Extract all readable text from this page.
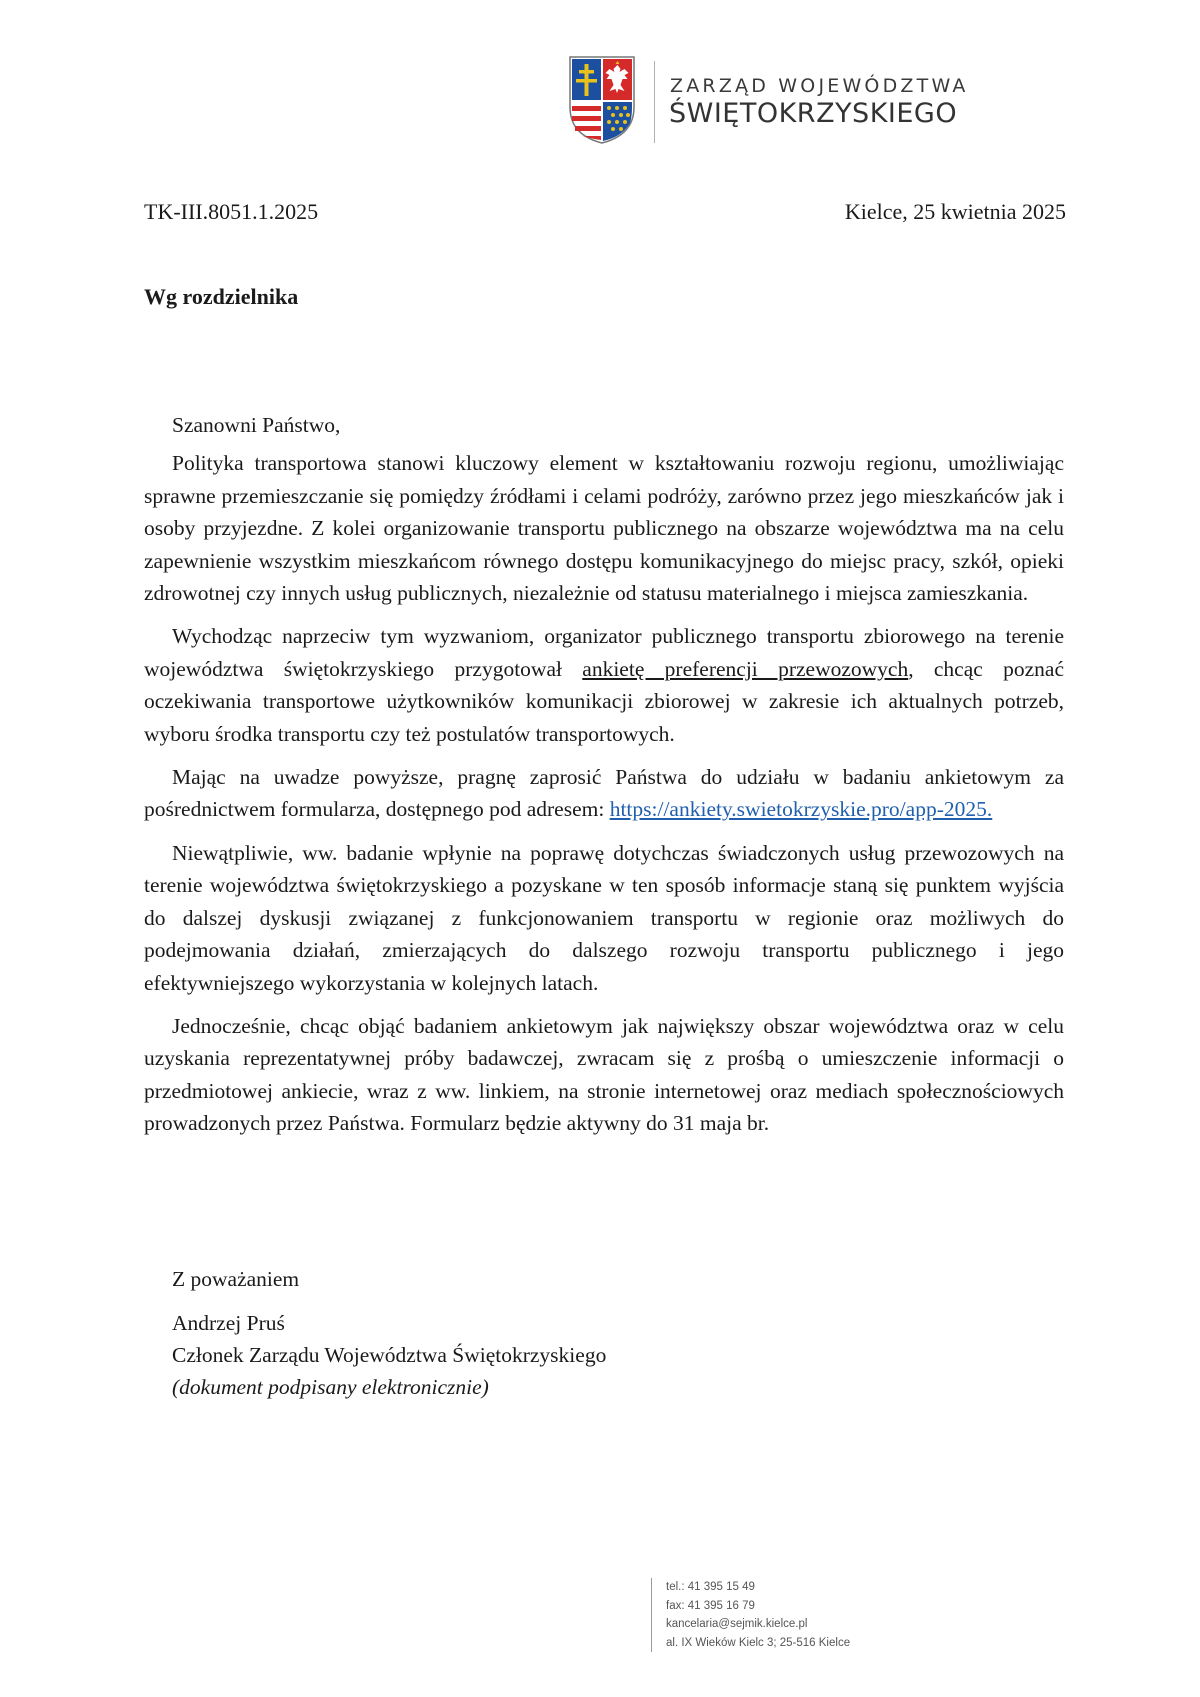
ZARZĄD WOJEWÓDZTWA
ŚWIĘTOKRZYSKIEGO
TK-III.8051.1.2025	Kielce, 25 kwietnia 2025
Wg rozdzielnika
Szanowni Państwo,

Polityka transportowa stanowi kluczowy element w kształtowaniu rozwoju regionu, umożliwiając sprawne przemieszczanie się pomiędzy źródłami i celami podróży, zarówno przez jego mieszkańców jak i osoby przyjezdne. Z kolei organizowanie transportu publicznego na obszarze województwa ma na celu zapewnienie wszystkim mieszkańcom równego dostępu komunikacyjnego do miejsc pracy, szkół, opieki zdrowotnej czy innych usług publicznych, niezależnie od statusu materialnego i miejsca zamieszkania.

Wychodząc naprzeciw tym wyzwaniom, organizator publicznego transportu zbiorowego na terenie województwa świętokrzyskiego przygotował ankietę preferencji przewozowych, chcąc poznać oczekiwania transportowe użytkowników komunikacji zbiorowej w zakresie ich aktualnych potrzeb, wyboru środka transportu czy też postulatów transportowych.

Mając na uwadze powyższe, pragnę zaprosić Państwa do udziału w badaniu ankietowym za pośrednictwem formularza, dostępnego pod adresem: https://ankiety.swietokrzyskie.pro/app-2025.

Niewątpliwie, ww. badanie wpłynie na poprawę dotychczas świadczonych usług przewozowych na terenie województwa świętokrzyskiego a pozyskane w ten sposób informacje staną się punktem wyjścia do dalszej dyskusji związanej z funkcjonowaniem transportu w regionie oraz możliwych do podejmowania działań, zmierzających do dalszego rozwoju transportu publicznego i jego efektywniejszego wykorzystania w kolejnych latach.

Jednocześnie, chcąc objąć badaniem ankietowym jak największy obszar województwa oraz w celu uzyskania reprezentatywnej próby badawczej, zwracam się z prośbą o umieszczenie informacji o przedmiotowej ankiecie, wraz z ww. linkiem, na stronie internetowej oraz mediach społecznościowych prowadzonych przez Państwa. Formularz będzie aktywny do 31 maja br.

Z poważaniem
Andrzej Pruś
Członek Zarządu Województwa Świętokrzyskiego
(dokument podpisany elektronicznie)
tel.: 41 395 15 49
fax: 41 395 16 79
kancelaria@sejmik.kielce.pl
al. IX Wieków Kielc 3; 25-516 Kielce
